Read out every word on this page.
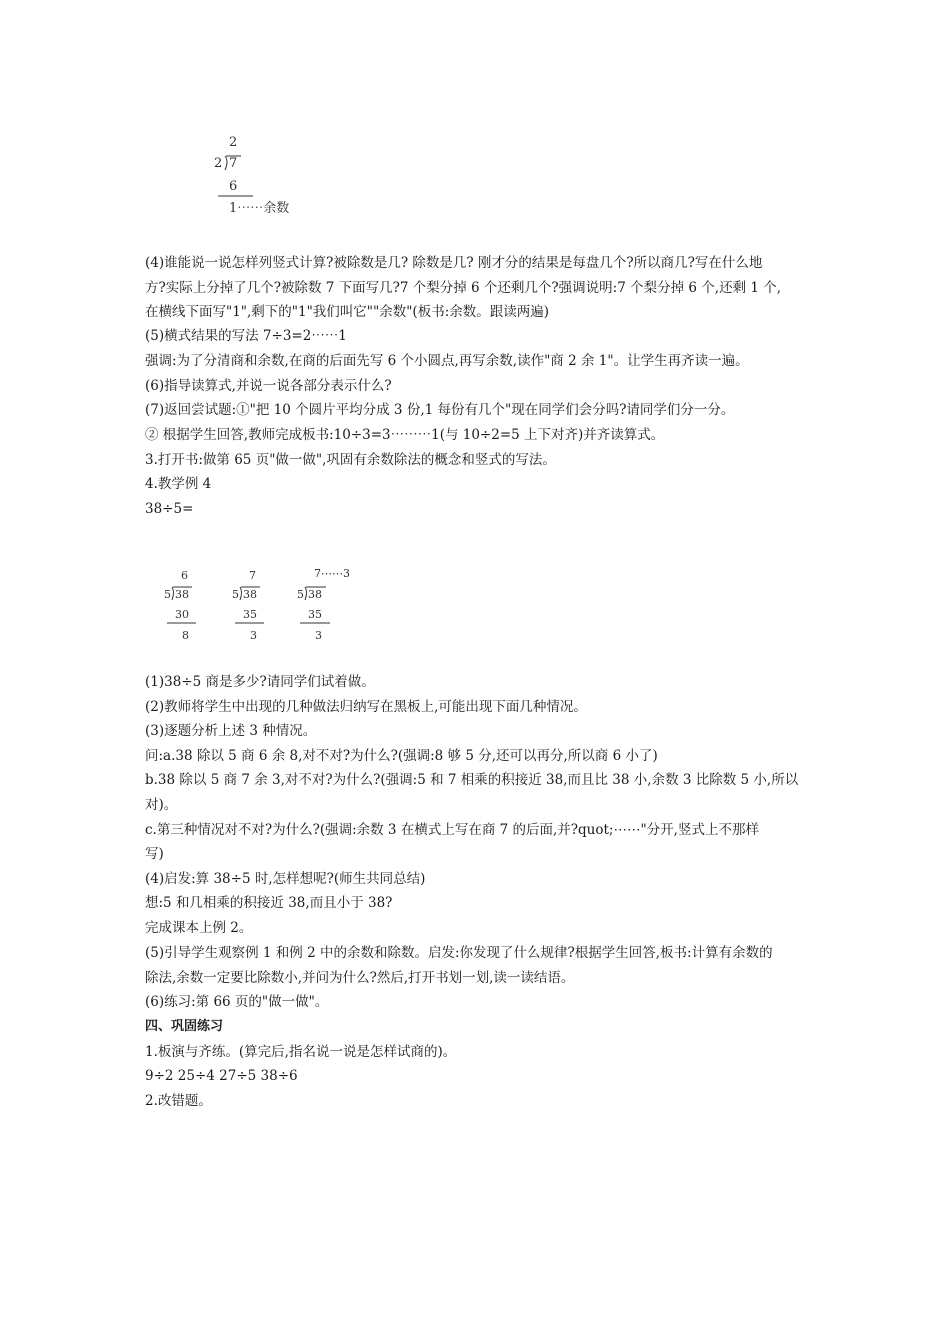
2
2 7
6
1⋯⋯余数
(4)谁能说一说怎样列竖式计算?被除数是几? 除数是几? 刚才分的结果是每盘几个?所以商几?写在什么地
方?实际上分掉了几个?被除数 7 下面写几?7 个梨分掉 6 个还剩几个?强调说明:7 个梨分掉 6 个,还剩 1 个,
在横线下面写"1",剩下的"1"我们叫它""余数"(板书:余数。跟读两遍)
(5)横式结果的写法 7÷3=2⋯⋯1
强调:为了分清商和余数,在商的后面先写 6 个小圆点,再写余数,读作"商 2 余 1"。让学生再齐读一遍。
(6)指导读算式,并说一说各部分表示什么?
(7)返回尝试题:①"把 10 个圆片平均分成 3 份,1 每份有几个"现在同学们会分吗?请同学们分一分。
② 根据学生回答,教师完成板书:10÷3=3⋯⋯⋯1(与 10÷2=5 上下对齐)并齐读算式。
3.打开书:做第 65 页"做一做",巩固有余数除法的概念和竖式的写法。
4.教学例 4
38÷5=
6
5 38
30
8
7
5 38
35
3
7⋯⋯3
5 38
35
3
(1)38÷5 商是多少?请同学们试着做。
(2)教师将学生中出现的几种做法归纳写在黑板上,可能出现下面几种情况。
(3)逐题分析上述 3 种情况。
问:a.38 除以 5 商 6 余 8,对不对?为什么?(强调:8 够 5 分,还可以再分,所以商 6 小了)
b.38 除以 5 商 7 余 3,对不对?为什么?(强调:5 和 7 相乘的积接近 38,而且比 38 小,余数 3 比除数 5 小,所以
对)。
c.第三种情况对不对?为什么?(强调:余数 3 在横式上写在商 7 的后面,并?quot;⋯⋯"分开,竖式上不那样
写)
(4)启发:算 38÷5 时,怎样想呢?(师生共同总结)
想:5 和几相乘的积接近 38,而且小于 38?
完成课本上例 2。
(5)引导学生观察例 1 和例 2 中的余数和除数。启发:你发现了什么规律?根据学生回答,板书:计算有余数的
除法,余数一定要比除数小,并问为什么?然后,打开书划一划,读一读结语。
(6)练习:第 66 页的"做一做"。
四、巩固练习
1.板演与齐练。(算完后,指名说一说是怎样试商的)。
9÷2 25÷4 27÷5 38÷6
2.改错题。
